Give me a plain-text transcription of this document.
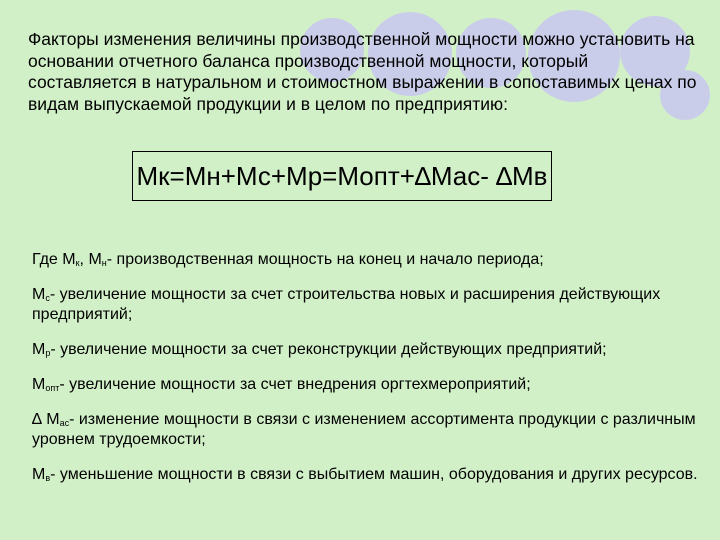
Факторы изменения величины производственной мощности можно установить на основании отчетного баланса производственной мощности, который составляется в натуральном и стоимостном выражении в сопоставимых ценах по видам выпускаемой продукции и в целом по предприятию:

Мк=Мн+Мс+Мр=Мопт+∆Мас- ∆Мв

Где $М_к$, $М_н-$ производственная мощность на конец и начало периода;

$М_с-$ увеличение мощности за счет строительства новых и расширения действующих предприятий;

$М_р-$ увеличение мощности за счет реконструкции действующих предприятий;

$М_{опт}-$ увеличение мощности за счет внедрения оргтехмероприятий;

∆ $М_{ас}-$ изменение мощности в связи с изменением ассортимента продукции с различным уровнем трудоемкости;

$М_в-$ уменьшение мощности в связи с выбытием машин, оборудования и других ресурсов.
